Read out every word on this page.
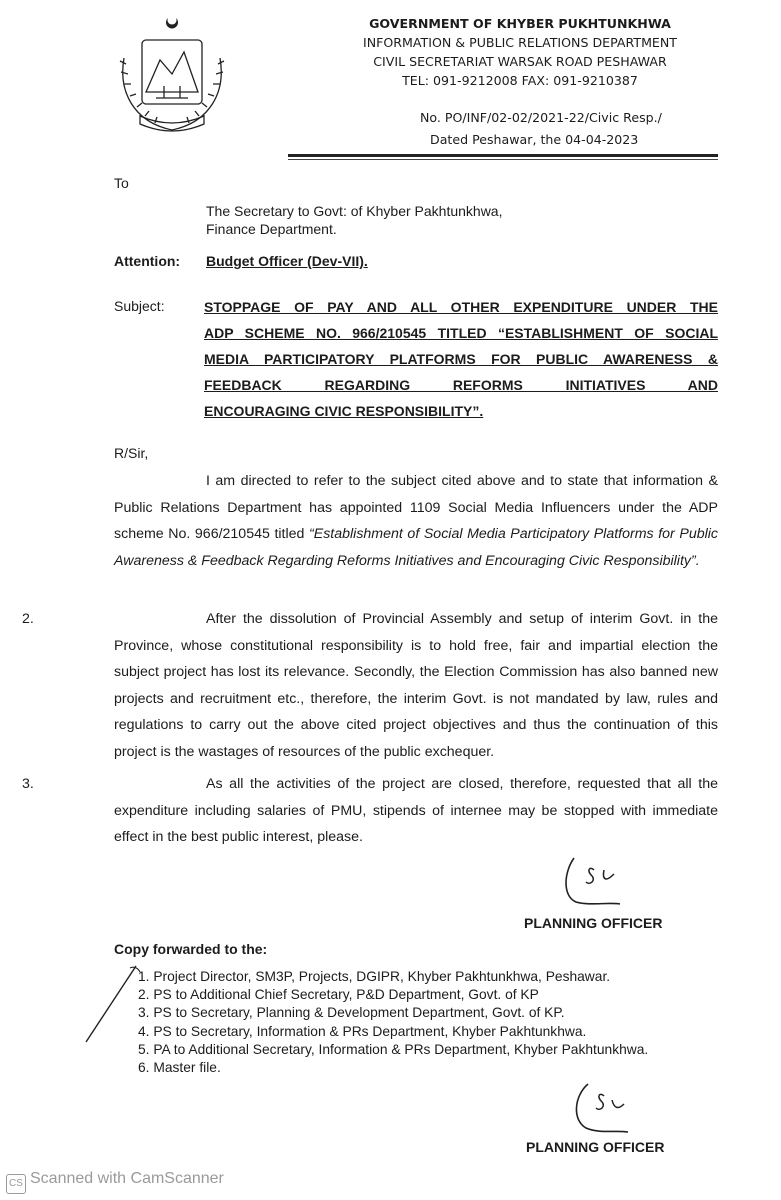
GOVERNMENT OF KHYBER PUKHTUNKHWA
INFORMATION & PUBLIC RELATIONS DEPARTMENT
CIVIL SECRETARIAT WARSAK ROAD PESHAWAR
TEL: 091-9212008 FAX: 091-9210387
No. PO/INF/02-02/2021-22/Civic Resp./
Dated Peshawar, the 04-04-2023
To
The Secretary to Govt: of Khyber Pakhtunkhwa,
Finance Department.
Attention: Budget Officer (Dev-VII).
Subject:	STOPPAGE OF PAY AND ALL OTHER EXPENDITURE UNDER THE
ADP SCHEME NO. 966/210545 TITLED “ESTABLISHMENT OF SOCIAL
MEDIA PARTICIPATORY PLATFORMS FOR PUBLIC AWARENESS &
FEEDBACK REGARDING REFORMS INITIATIVES AND
ENCOURAGING CIVIC RESPONSIBILITY”.
R/Sir,

I am directed to refer to the subject cited above and to state that information & Public Relations Department has appointed 1109 Social Media Influencers under the ADP scheme No. 966/210545 titled “Establishment of Social Media Participatory Platforms for Public Awareness & Feedback Regarding Reforms Initiatives and Encouraging Civic Responsibility”.

2.	After the dissolution of Provincial Assembly and setup of interim Govt. in the Province, whose constitutional responsibility is to hold free, fair and impartial election the subject project has lost its relevance. Secondly, the Election Commission has also banned new projects and recruitment etc., therefore, the interim Govt. is not mandated by law, rules and regulations to carry out the above cited project objectives and thus the continuation of this project is the wastages of resources of the public exchequer.

3.	As all the activities of the project are closed, therefore, requested that all the expenditure including salaries of PMU, stipends of internee may be stopped with immediate effect in the best public interest, please.

PLANNING OFFICER
Copy forwarded to the:
1. Project Director, SM3P, Projects, DGIPR, Khyber Pakhtunkhwa, Peshawar.
2. PS to Additional Chief Secretary, P&D Department, Govt. of KP
3. PS to Secretary, Planning & Development Department, Govt. of KP.
4. PS to Secretary, Information & PRs Department, Khyber Pakhtunkhwa.
5. PA to Additional Secretary, Information & PRs Department, Khyber Pakhtunkhwa.
6. Master file.
PLANNING OFFICER
CS Scanned with CamScanner
